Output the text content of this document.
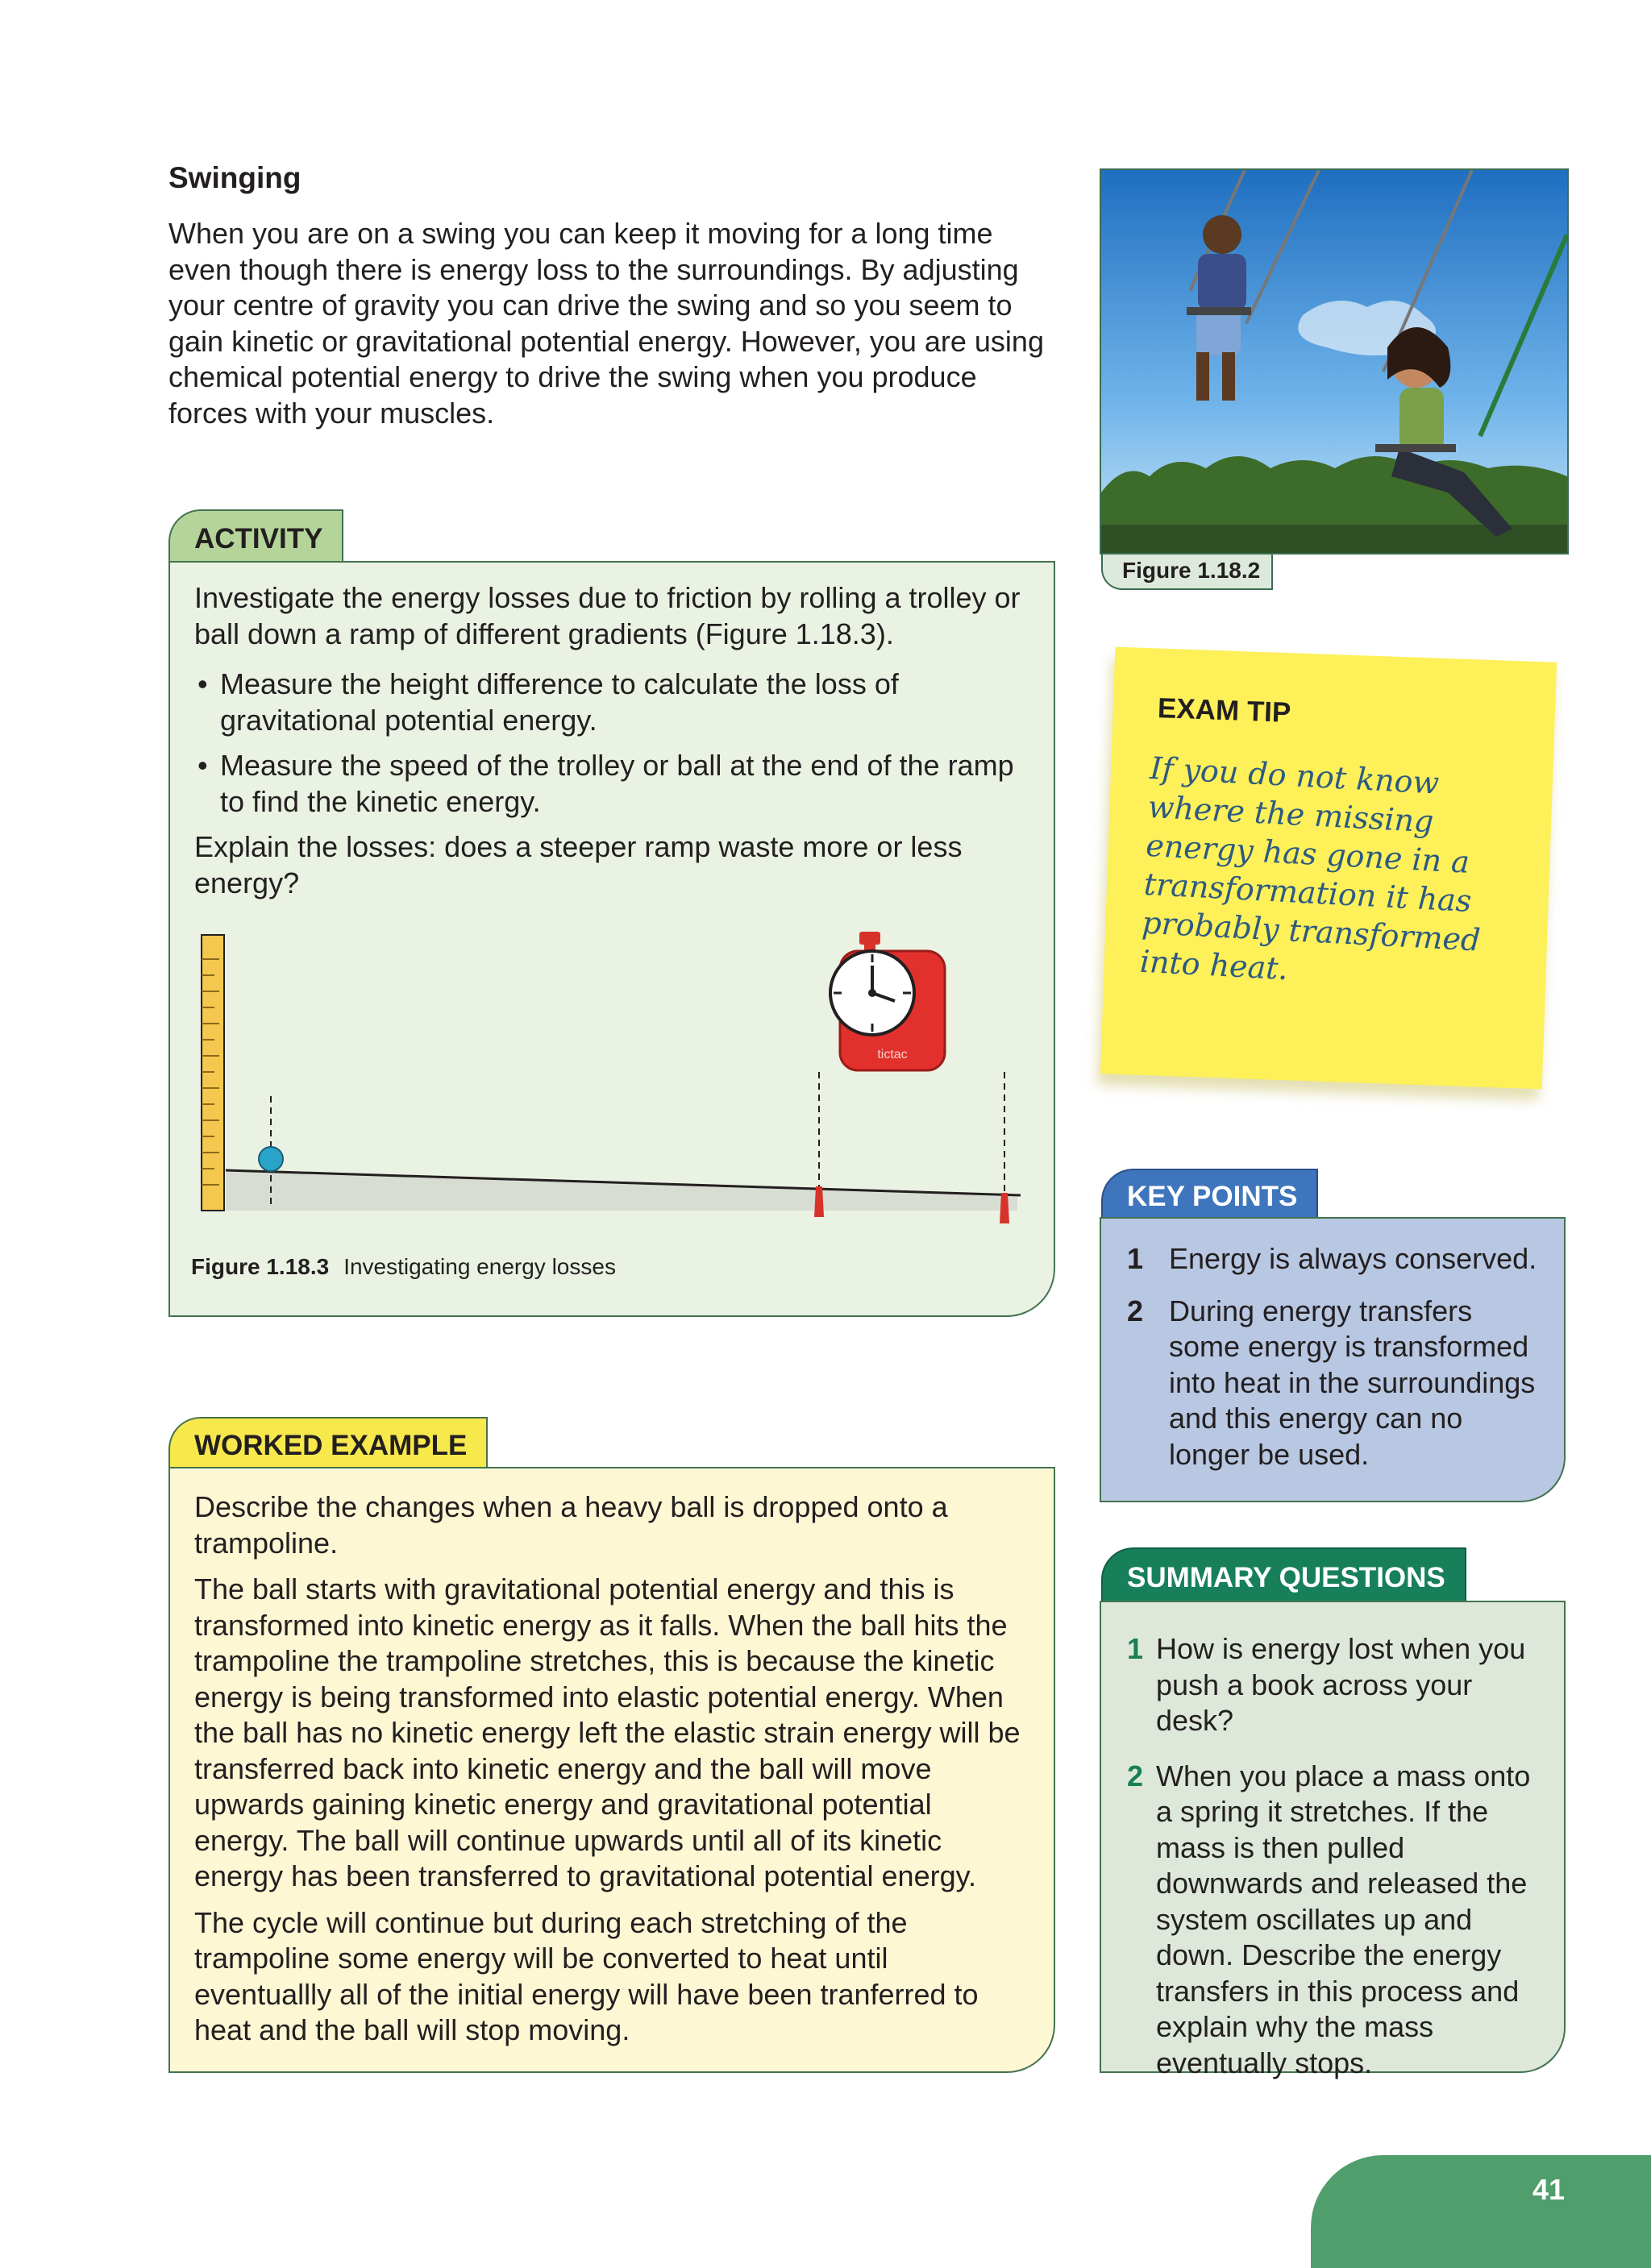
Swinging

When you are on a swing you can keep it moving for a long time even though there is energy loss to the surroundings. By adjusting your centre of gravity you can drive the swing and so you seem to gain kinetic or gravitational potential energy. However, you are using chemical potential energy to drive the swing when you produce forces with your muscles.

Figure 1.18.2
ACTIVITY

Investigate the energy losses due to friction by rolling a trolley or ball down a ramp of different gradients (Figure 1.18.3).

• Measure the height difference to calculate the loss of gravitational potential energy.
• Measure the speed of the trolley or ball at the end of the ramp to find the kinetic energy.

Explain the losses: does a steeper ramp waste more or less energy?

tictac
Figure 1.18.3 Investigating energy losses
WORKED EXAMPLE

Describe the changes when a heavy ball is dropped onto a trampoline.

The ball starts with gravitational potential energy and this is transformed into kinetic energy as it falls. When the ball hits the trampoline the trampoline stretches, this is because the kinetic energy is being transformed into elastic potential energy. When the ball has no kinetic energy left the elastic strain energy will be transferred back into kinetic energy and the ball will move upwards gaining kinetic energy and gravitational potential energy. The ball will continue upwards until all of its kinetic energy has been transferred to gravitational potential energy.

The cycle will continue but during each stretching of the trampoline some energy will be converted to heat until eventuallly all of the initial energy will have been tranferred to heat and the ball will stop moving.

EXAM TIP
If you do not know where the missing energy has gone in a transformation it has probably transformed into heat.
KEY POINTS
1 Energy is always conserved.
2 During energy transfers some energy is transformed into heat in the surroundings and this energy can no longer be used.
SUMMARY QUESTIONS
1 How is energy lost when you push a book across your desk?
2 When you place a mass onto a spring it stretches. If the mass is then pulled downwards and released the system oscillates up and down. Describe the energy transfers in this process and explain why the mass eventually stops.
41
